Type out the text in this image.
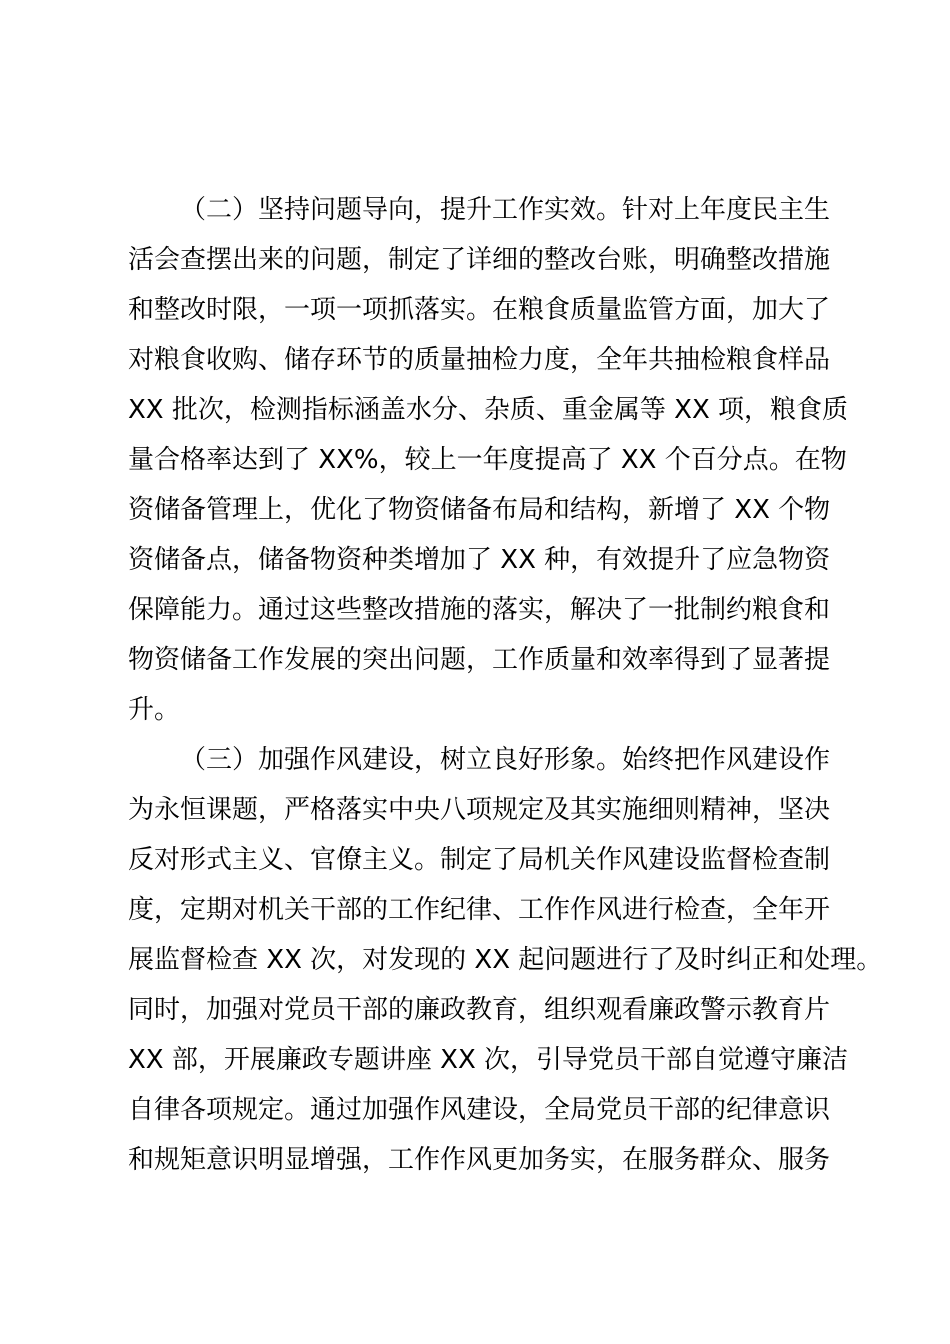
（二）坚持问题导向，提升工作实效。针对上年度民主生
活会查摆出来的问题，制定了详细的整改台账，明确整改措施
和整改时限，一项一项抓落实。在粮食质量监管方面，加大了
对粮食收购、储存环节的质量抽检力度，全年共抽检粮食样品
XX 批次，检测指标涵盖水分、杂质、重金属等 XX 项，粮食质
量合格率达到了 XX%，较上一年度提高了 XX 个百分点。在物
资储备管理上，优化了物资储备布局和结构，新增了 XX 个物
资储备点，储备物资种类增加了 XX 种，有效提升了应急物资
保障能力。通过这些整改措施的落实，解决了一批制约粮食和
物资储备工作发展的突出问题，工作质量和效率得到了显著提
升。
（三）加强作风建设，树立良好形象。始终把作风建设作
为永恒课题，严格落实中央八项规定及其实施细则精神，坚决
反对形式主义、官僚主义。制定了局机关作风建设监督检查制
度，定期对机关干部的工作纪律、工作作风进行检查，全年开
展监督检查 XX 次，对发现的 XX 起问题进行了及时纠正和处理。
同时，加强对党员干部的廉政教育，组织观看廉政警示教育片
XX 部，开展廉政专题讲座 XX 次，引导党员干部自觉遵守廉洁
自律各项规定。通过加强作风建设，全局党员干部的纪律意识
和规矩意识明显增强，工作作风更加务实，在服务群众、服务
